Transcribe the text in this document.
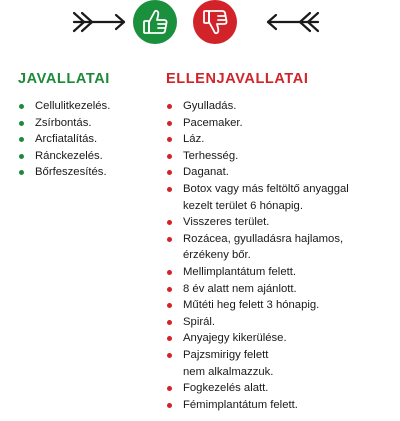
JAVALLATAI
Cellulitkezelés.
Zsírbontás.
Arcfiatalítás.
Ránckezelés.
Bőrfeszesítés.
ELLENJAVALLATAI
Gyulladás.
Pacemaker.
Láz.
Terhesség.
Daganat.
Botox vagy más feltöltő anyaggal
kezelt terület 6 hónapig.
Visszeres terület.
Rozácea, gyulladásra hajlamos,
érzékeny bőr.
Mellimplantátum felett.
8 év alatt nem ajánlott.
Műtéti heg felett 3 hónapig.
Spirál.
Anyajegy kikerülése.
Pajzsmirigy felett
nem alkalmazzuk.
Fogkezelés alatt.
Fémimplantátum felett.
